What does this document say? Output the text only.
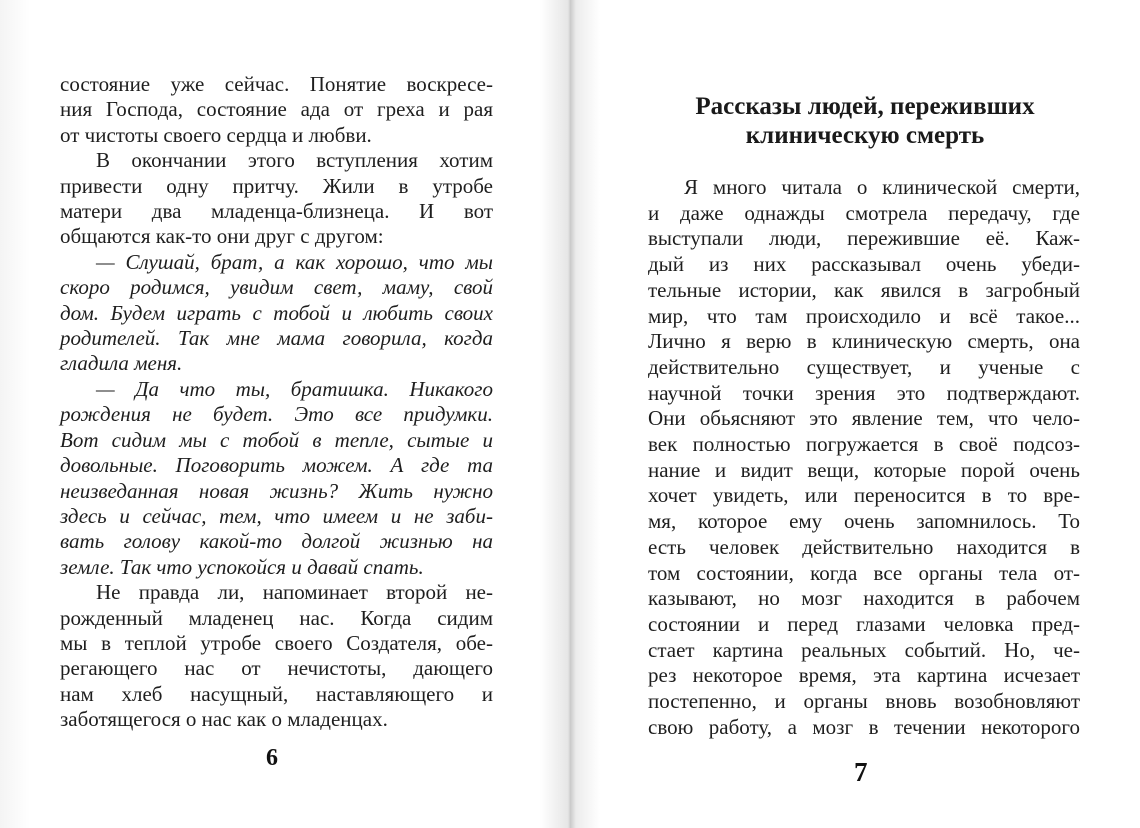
состояние уже сейчас. Понятие воскресе-
ния Господа, состояние ада от греха и рая
от чистоты своего сердца и любви.
В окончании этого вступления хотим
привести одну притчу. Жили в утробе
матери два младенца-близнеца. И вот
общаются как-то они друг с другом:
— Слушай, брат, а как хорошо, что мы
скоро родимся, увидим свет, маму, свой
дом. Будем играть с тобой и любить своих
родителей. Так мне мама говорила, когда
гладила меня.
— Да что ты, братишка. Никакого
рождения не будет. Это все придумки.
Вот сидим мы с тобой в тепле, сытые и
довольные. Поговорить можем. А где та
неизведанная новая жизнь? Жить нужно
здесь и сейчас, тем, что имеем и не заби-
вать голову какой-то долгой жизнью на
земле. Так что успокойся и давай спать.
Не правда ли, напоминает второй не-
рожденный младенец нас. Когда сидим
мы в теплой утробе своего Создателя, обе-
регающего нас от нечистоты, дающего
нам хлеб насущный, наставляющего и
заботящегося о нас как о младенцах.
6
Рассказы людей, переживших
клиническую смерть
Я много читала о клинической смерти,
и даже однажды смотрела передачу, где
выступали люди, пережившие её. Каж-
дый из них рассказывал очень убеди-
тельные истории, как явился в загробный
мир, что там происходило и всё такое...
Лично я верю в клиническую смерть, она
действительно существует, и ученые с
научной точки зрения это подтверждают.
Они обьясняют это явление тем, что чело-
век полностью погружается в своё подсоз-
нание и видит вещи, которые порой очень
хочет увидеть, или переносится в то вре-
мя, которое ему очень запомнилось. То
есть человек действительно находится в
том состоянии, когда все органы тела от-
казывают, но мозг находится в рабочем
состоянии и перед глазами человка пред-
стает картина реальных событий. Но, че-
рез некоторое время, эта картина исчезает
постепенно, и органы вновь возобновляют
свою работу, а мозг в течении некоторого
7
